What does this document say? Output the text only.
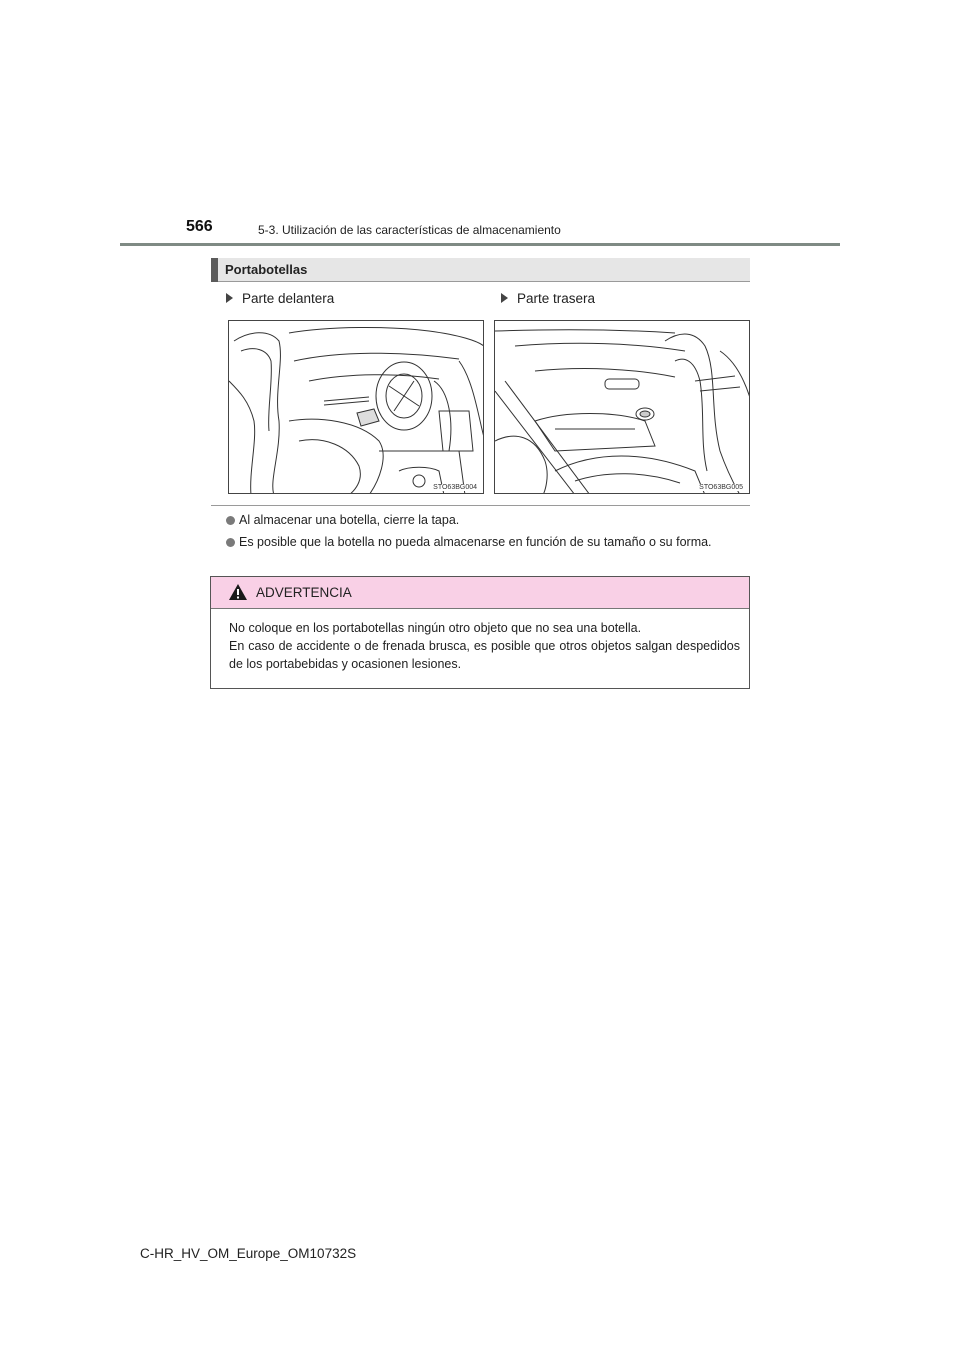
566	5-3. Utilización de las características de almacenamiento
Portabotellas
Parte delantera	Parte trasera
STO63BG004	STO63BG005
Al almacenar una botella, cierre la tapa.
Es posible que la botella no pueda almacenarse en función de su tamaño o su forma.
ADVERTENCIA

No coloque en los portabotellas ningún otro objeto que no sea una botella.

En caso de accidente o de frenada brusca, es posible que otros objetos salgan despedidos de los portabebidas y ocasionen lesiones.

C-HR_HV_OM_Europe_OM10732S
